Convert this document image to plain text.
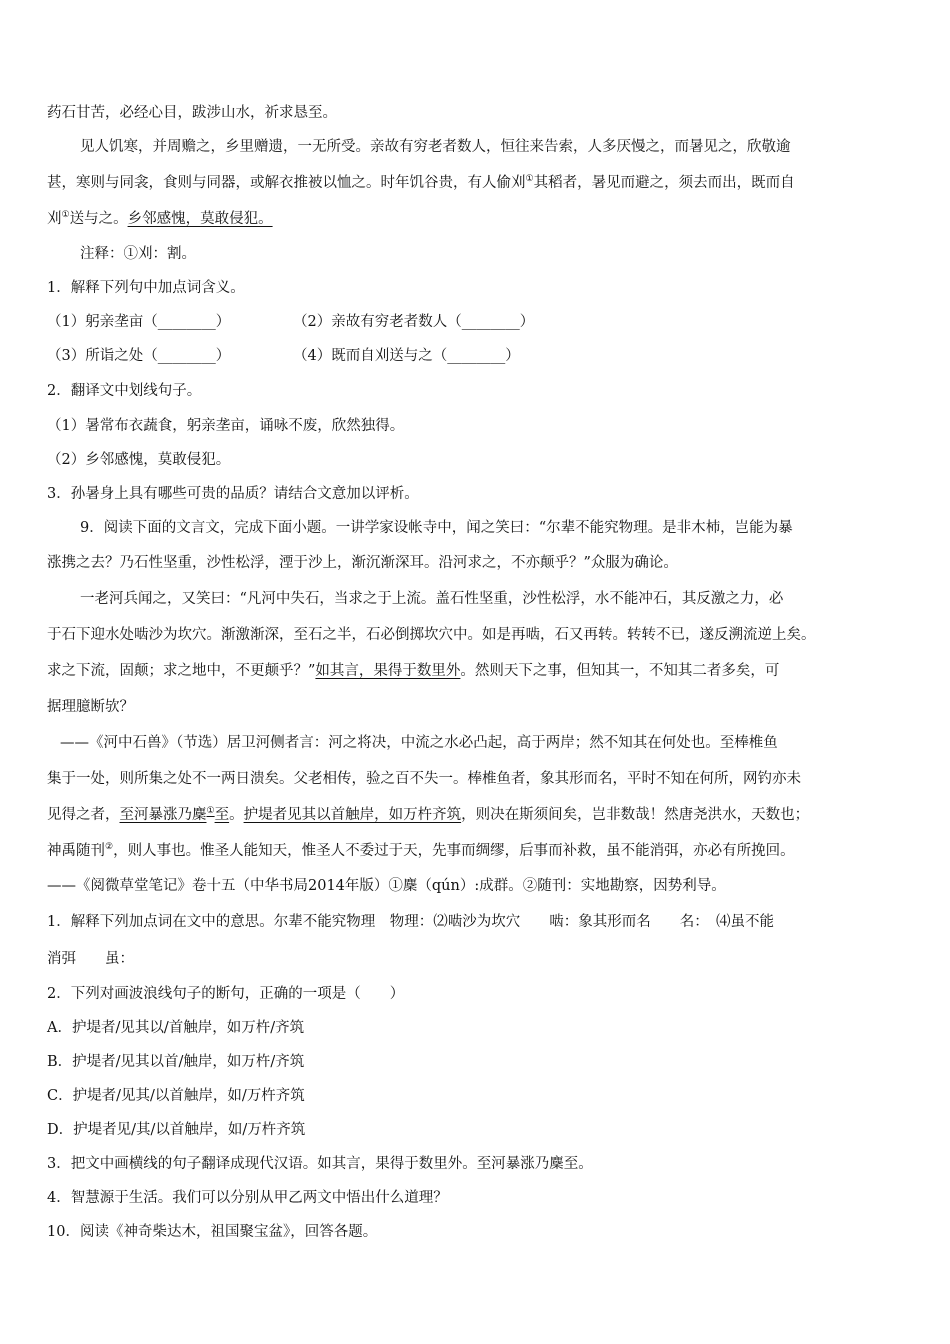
药石甘苦，必经心目，跋涉山水，祈求恳至。
见人饥寒，并周赡之，乡里赠遗，一无所受。亲故有穷老者数人，恒往来告索，人多厌慢之，而暑见之，欣敬逾
甚，寒则与同衾，食则与同器，或解衣推被以恤之。时年饥谷贵，有人偷刈①其稻者，暑见而避之，须去而出，既而自
刈①送与之。乡邻感愧，莫敢侵犯。
注释：①刈：割。
1．解释下列句中加点词含义。
（1）躬亲垄亩（________）	（2）亲故有穷老者数人（________）
（3）所诣之处（________）	（4）既而自刈送与之（________）
2．翻译文中划线句子。
（1）暑常布衣蔬食，躬亲垄亩，诵咏不废，欣然独得。
（2）乡邻感愧，莫敢侵犯。
3．孙暑身上具有哪些可贵的品质？请结合文意加以评析。
9．阅读下面的文言文，完成下面小题。一讲学家设帐寺中，闻之笑曰：“尔辈不能究物理。是非木杮，岂能为暴
涨携之去？乃石性坚重，沙性松浮，湮于沙上，渐沉渐深耳。沿河求之，不亦颠乎？”众服为确论。
一老河兵闻之，又笑曰：“凡河中失石，当求之于上流。盖石性坚重，沙性松浮，水不能冲石，其反激之力，必
于石下迎水处啮沙为坎穴。渐激渐深，至石之半，石必倒掷坎穴中。如是再啮，石又再转。转转不已，遂反溯流逆上矣。
求之下流，固颠；求之地中，不更颠乎？”如其言，果得于数里外。然则天下之事，但知其一，不知其二者多矣，可
据理臆断欤？
——《河中石兽》（节选）居卫河侧者言：河之将决，中流之水必凸起，高于两岸；然不知其在何处也。至棒椎鱼
集于一处，则所集之处不一两日溃矣。父老相传，验之百不失一。棒椎鱼者，象其形而名，平时不知在何所，网钓亦未
见得之者，至河暴涨乃麇①至。护堤者见其以首触岸，如万杵齐筑，则决在斯须间矣，岂非数哉！然唐尧洪水，天数也；
神禹随刊②，则人事也。惟圣人能知天，惟圣人不委过于天，先事而绸缪，后事而补救，虽不能消弭，亦必有所挽回。
——《阅微草堂笔记》卷十五（中华书局2014年版）①麇（qún）:成群。②随刊：实地勘察，因势利导。
1．解释下列加点词在文中的意思。尔辈不能究物理　物理：⑵啮沙为坎穴　　啮：象其形而名　　名：　⑷虽不能
消弭　　虽：
2．下列对画波浪线句子的断句，正确的一项是（　　）
A．护堤者/见其以/首触岸，如万杵/齐筑
B．护堤者/见其以首/触岸，如万杵/齐筑
C．护堤者/见其/以首触岸，如/万杵齐筑
D．护堤者见/其/以首触岸，如/万杵齐筑
3．把文中画横线的句子翻译成现代汉语。如其言，果得于数里外。至河暴涨乃麇至。
4．智慧源于生活。我们可以分别从甲乙两文中悟出什么道理？
10．阅读《神奇柴达木，祖国聚宝盆》，回答各题。
